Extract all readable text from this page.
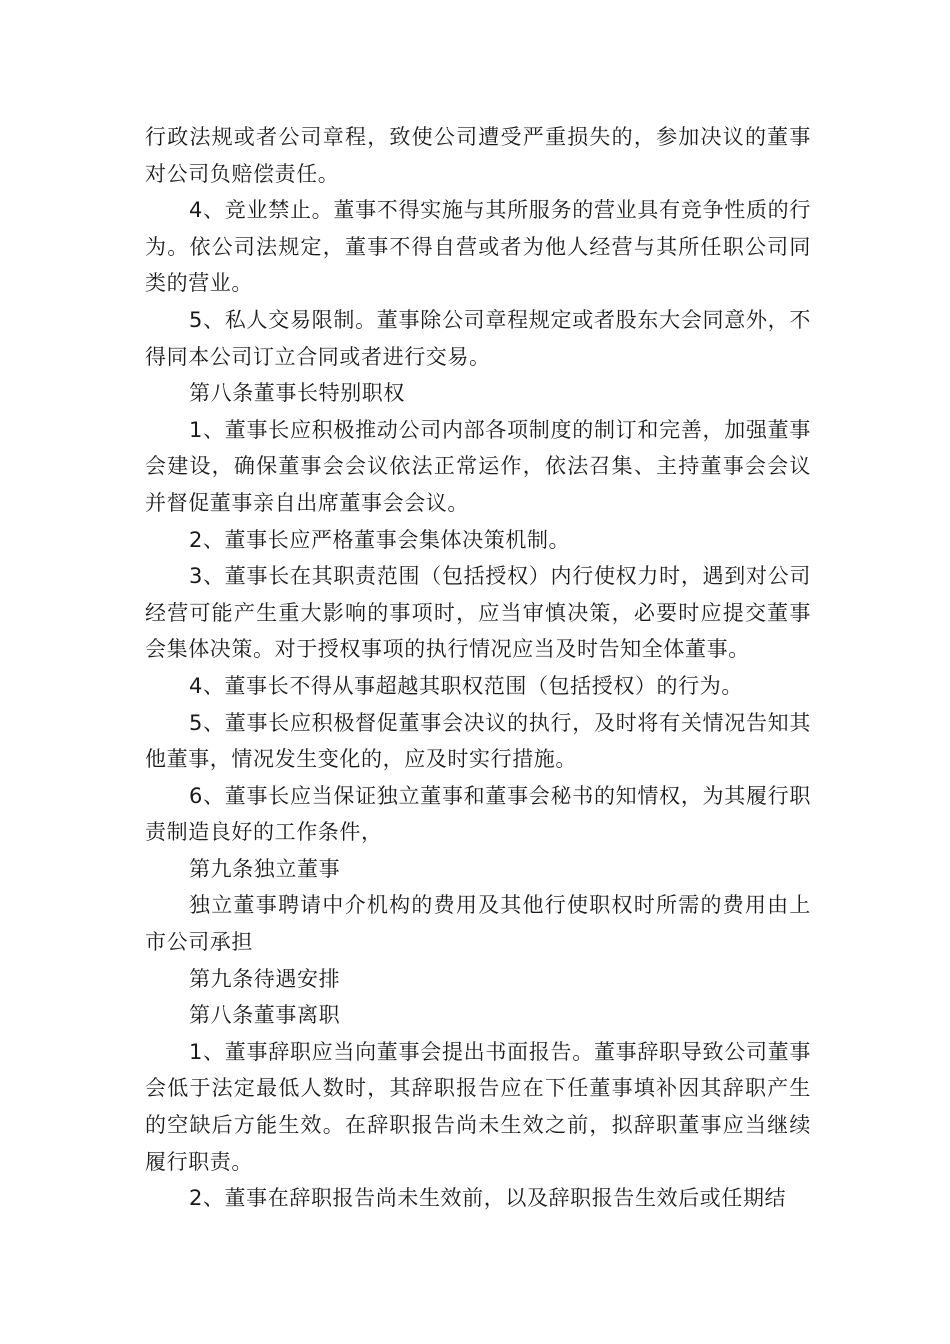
行政法规或者公司章程，致使公司遭受严重损失的，参加决议的董事对公司负赔偿责任。

4、竞业禁止。董事不得实施与其所服务的营业具有竞争性质的行为。依公司法规定，董事不得自营或者为他人经营与其所任职公司同类的营业。

5、私人交易限制。董事除公司章程规定或者股东大会同意外，不得同本公司订立合同或者进行交易。

第八条董事长特别职权

1、董事长应积极推动公司内部各项制度的制订和完善，加强董事会建设，确保董事会会议依法正常运作，依法召集、主持董事会会议并督促董事亲自出席董事会会议。

2、董事长应严格董事会集体决策机制。

3、董事长在其职责范围（包括授权）内行使权力时，遇到对公司经营可能产生重大影响的事项时，应当审慎决策，必要时应提交董事会集体决策。对于授权事项的执行情况应当及时告知全体董事。

4、董事长不得从事超越其职权范围（包括授权）的行为。

5、董事长应积极督促董事会决议的执行，及时将有关情况告知其他董事，情况发生变化的，应及时实行措施。

6、董事长应当保证独立董事和董事会秘书的知情权，为其履行职责制造良好的工作条件，

第九条独立董事

独立董事聘请中介机构的费用及其他行使职权时所需的费用由上市公司承担

第九条待遇安排

第八条董事离职

1、董事辞职应当向董事会提出书面报告。董事辞职导致公司董事会低于法定最低人数时，其辞职报告应在下任董事填补因其辞职产生的空缺后方能生效。在辞职报告尚未生效之前，拟辞职董事应当继续履行职责。

2、董事在辞职报告尚未生效前，以及辞职报告生效后或任期结
